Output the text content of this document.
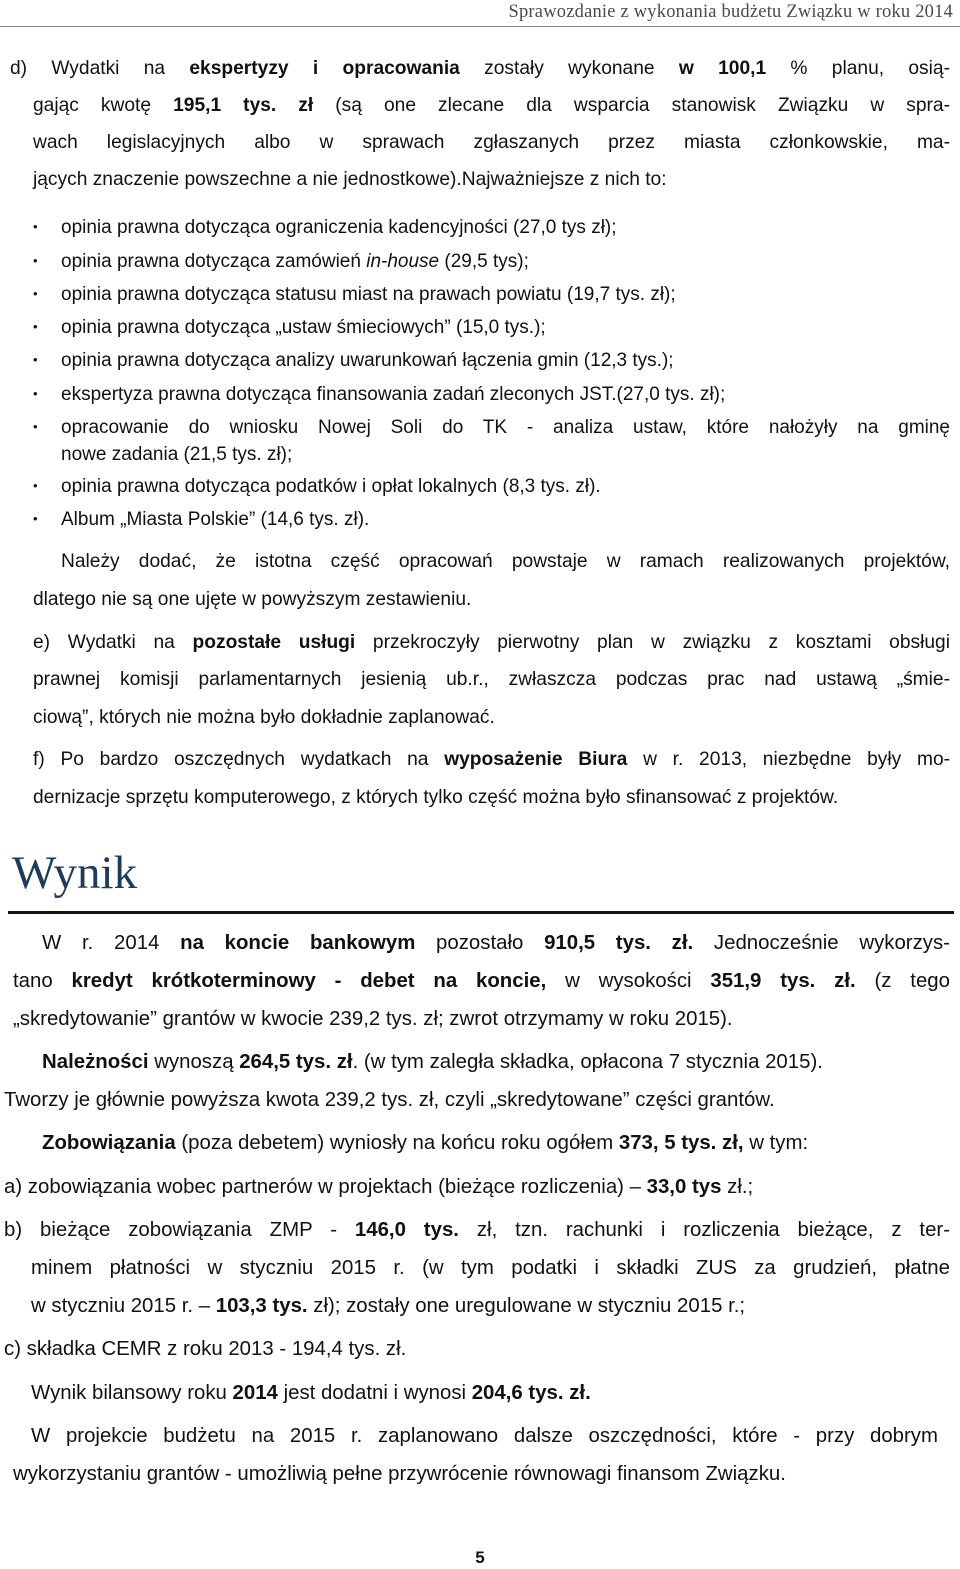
Sprawozdanie z wykonania budżetu Związku w roku 2014
d) Wydatki na ekspertyzy i opracowania zostały wykonane w 100,1 % planu, osią-
gając kwotę 195,1 tys. zł (są one zlecane dla wsparcia stanowisk Związku w spra-
wach legislacyjnych albo w sprawach zgłaszanych przez miasta członkowskie, ma-
jących znaczenie powszechne a nie jednostkowe).Najważniejsze z nich to:
• opinia prawna dotycząca ograniczenia kadencyjności (27,0 tys zł);
• opinia prawna dotycząca zamówień in-house (29,5 tys);
• opinia prawna dotycząca statusu miast na prawach powiatu (19,7 tys. zł);
• opinia prawna dotycząca „ustaw śmieciowych” (15,0 tys.);
• opinia prawna dotycząca analizy uwarunkowań łączenia gmin (12,3 tys.);
• ekspertyza prawna dotycząca finansowania zadań zleconych JST.(27,0 tys. zł);
• opracowanie do wniosku Nowej Soli do TK - analiza ustaw, które nałożyły na gminę
nowe zadania (21,5 tys. zł);
• opinia prawna dotycząca podatków i opłat lokalnych (8,3 tys. zł).
• Album „Miasta Polskie” (14,6 tys. zł).
Należy dodać, że istotna część opracowań powstaje w ramach realizowanych projektów,
dlatego nie są one ujęte w powyższym zestawieniu.
e) Wydatki na pozostałe usługi przekroczyły pierwotny plan w związku z kosztami obsługi
prawnej komisji parlamentarnych jesienią ub.r., zwłaszcza podczas prac nad ustawą „śmie-
ciową”, których nie można było dokładnie zaplanować.
f) Po bardzo oszczędnych wydatkach na wyposażenie Biura w r. 2013, niezbędne były mo-
dernizacje sprzętu komputerowego, z których tylko część można było sfinansować z projektów.
Wynik
W r. 2014 na koncie bankowym pozostało 910,5 tys. zł. Jednocześnie wykorzys-
tano kredyt krótkoterminowy - debet na koncie, w wysokości 351,9 tys. zł. (z tego
„skredytowanie” grantów w kwocie 239,2 tys. zł; zwrot otrzymamy w roku 2015).
Należności wynoszą 264,5 tys. zł. (w tym zaległa składka, opłacona 7 stycznia 2015).
Tworzy je głównie powyższa kwota 239,2 tys. zł, czyli „skredytowane” części grantów.
Zobowiązania (poza debetem) wyniosły na końcu roku ogółem 373, 5 tys. zł, w tym:
a) zobowiązania wobec partnerów w projektach (bieżące rozliczenia) – 33,0 tys zł.;
b) bieżące zobowiązania ZMP - 146,0 tys. zł, tzn. rachunki i rozliczenia bieżące, z ter-
minem płatności w styczniu 2015 r. (w tym podatki i składki ZUS za grudzień, płatne
w styczniu 2015 r. – 103,3 tys. zł); zostały one uregulowane w styczniu 2015 r.;
c) składka CEMR z roku 2013 - 194,4 tys. zł.
Wynik bilansowy roku 2014 jest dodatni i wynosi 204,6 tys. zł.
W projekcie budżetu na 2015 r. zaplanowano dalsze oszczędności, które - przy dobrym
wykorzystaniu grantów - umożliwią pełne przywrócenie równowagi finansom Związku.
5
